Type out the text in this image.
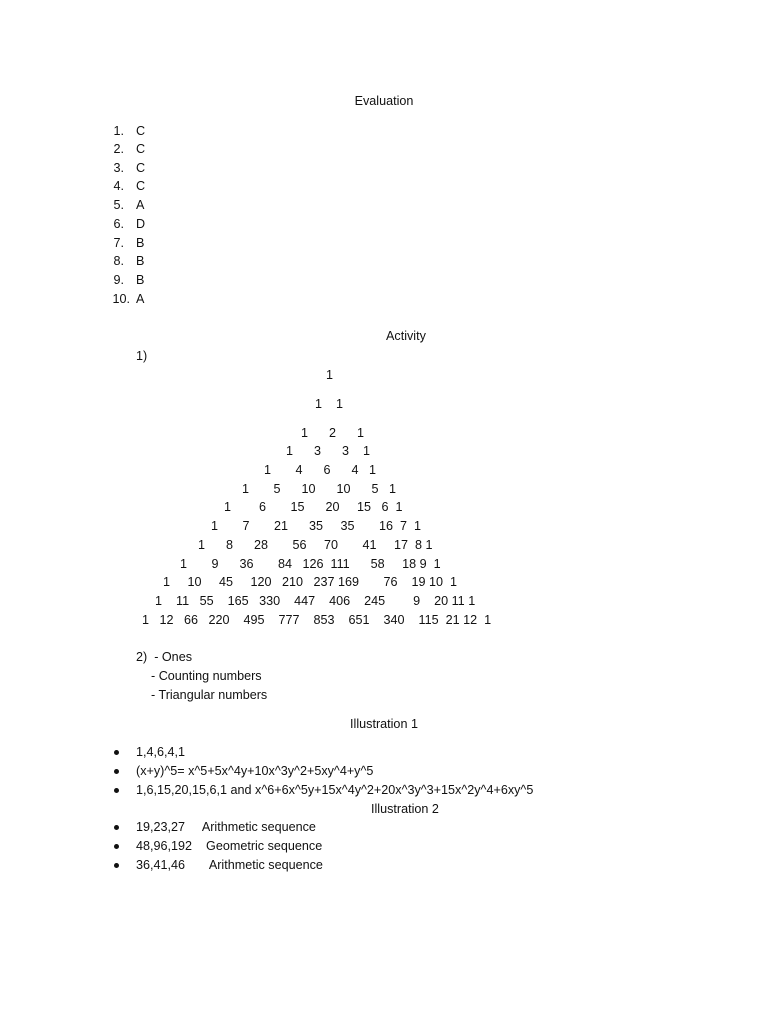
Evaluation
1. C
2. C
3. C
4. C
5. A
6. D
7. B
8. B
9. B
10. A
Activity
1)
1
1    1
1      2      1
1      3      3    1
1       4      6      4   1
1       5      10      10      5   1
1        6       15      20     15   6  1
1       7       21      35     35       16  7  1
1      8      28       56     70       41     17  8 1
1       9      36       84   126  111      58     18 9  1
1     10     45     120   210   237 169       76    19 10  1
1    11   55    165   330    447    406    245        9    20 11 1
1   12   66   220    495    777    853    651    340    115  21 12  1
2)  - Ones
- Counting numbers
- Triangular numbers
Illustration 1
1,4,6,4,1
(x+y)^5= x^5+5x^4y+10x^3y^2+5xy^4+y^5
1,6,15,20,15,6,1 and x^6+6x^5y+15x^4y^2+20x^3y^3+15x^2y^4+6xy^5
Illustration 2
19,23,27     Arithmetic sequence
48,96,192    Geometric sequence
36,41,46       Arithmetic sequence
